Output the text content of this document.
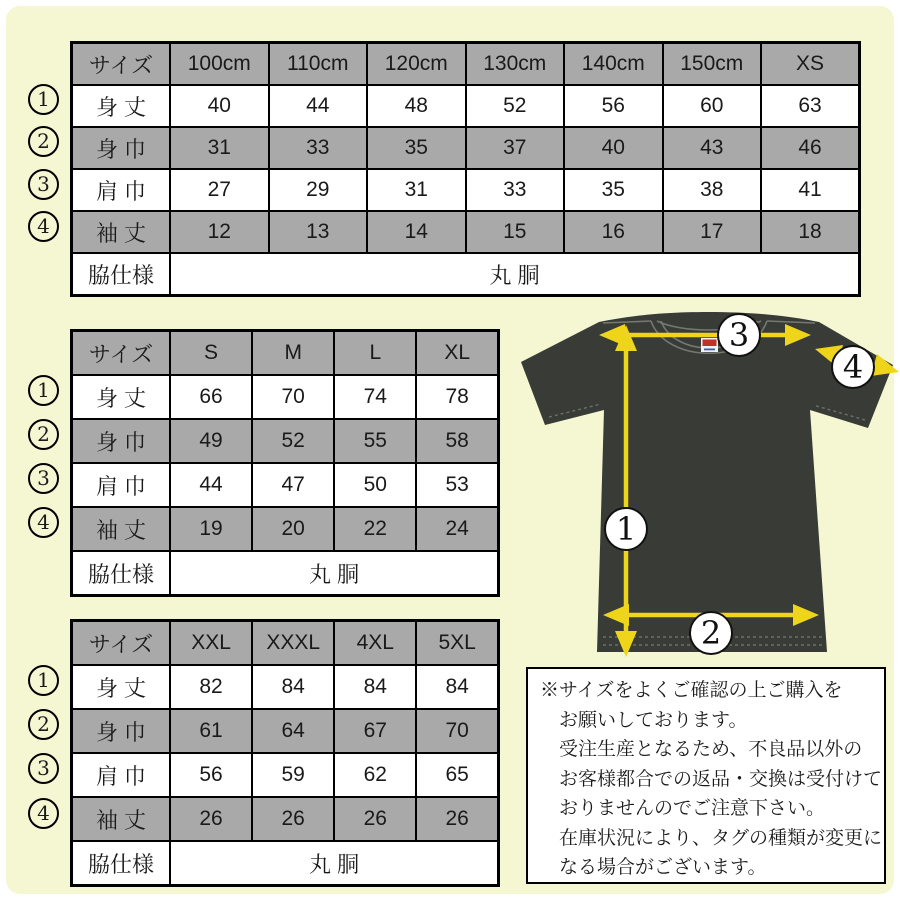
サイズ	100cm	110cm	120cm	130cm	140cm	150cm	XS
身 丈	40	44	48	52	56	60	63
身 巾	31	33	35	37	40	43	46
肩 巾	27	29	31	33	35	38	41
袖 丈	12	13	14	15	16	17	18
脇仕様	丸 胴						
サイズ	S	M	L	XL
身 丈	66	70	74	78
身 巾	49	52	55	58
肩 巾	44	47	50	53
袖 丈	19	20	22	24
脇仕様	丸 胴			
サイズ	XXL	XXXL	4XL	5XL
身 丈	82	84	84	84
身 巾	61	64	67	70
肩 巾	56	59	62	65
袖 丈	26	26	26	26
脇仕様	丸 胴			
1
2
3
4
※サイズをよくご確認の上ご購入を
お願いしております。
受注生産となるため、不良品以外の
お客様都合での返品・交換は受付けて
おりませんのでご注意下さい。
在庫状況により、タグの種類が変更に
なる場合がございます。
1
2
3
4
1
2
3
4
1
2
3
4
